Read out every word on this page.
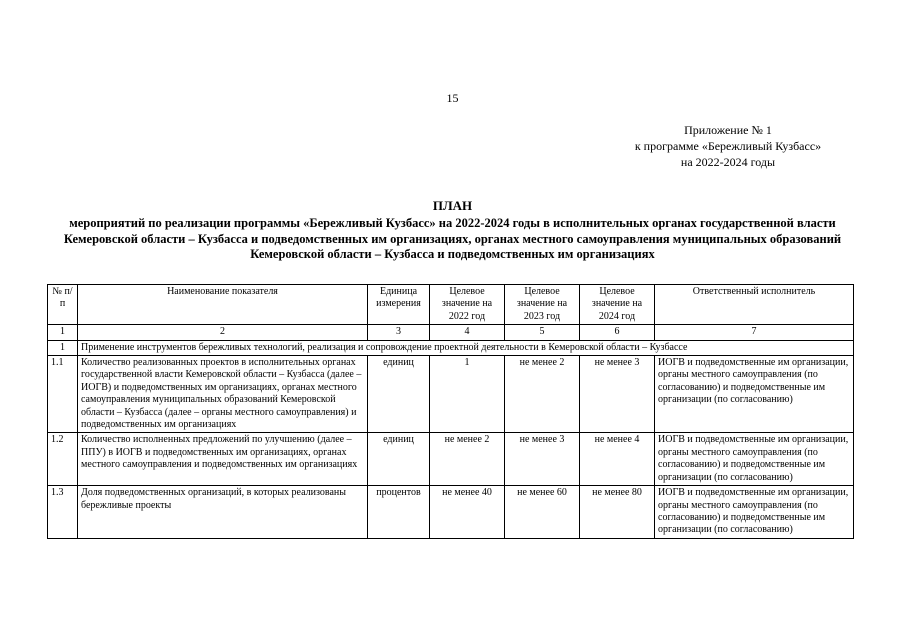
15
Приложение № 1
к программе «Бережливый Кузбасс»
на 2022-2024 годы
ПЛАН
мероприятий по реализации программы «Бережливый Кузбасс» на 2022-2024 годы в исполнительных органах государственной власти Кемеровской области – Кузбасса и подведомственных им организациях, органах местного самоуправления муниципальных образований Кемеровской области – Кузбасса и подведомственных им организациях
№ п/п	Наименование показателя	Единица измерения	Целевое значение на 2022 год	Целевое значение на 2023 год	Целевое значение на 2024 год	Ответственный исполнитель
1	2	3	4	5	6	7
1	Применение инструментов бережливых технологий, реализация и сопровождение проектной деятельности в Кемеровской области – Кузбассе					
1.1	Количество реализованных проектов в исполнительных органах государственной власти Кемеровской области – Кузбасса (далее – ИОГВ) и подведомственных им организациях, органах местного самоуправления муниципальных образований Кемеровской области – Кузбасса (далее – органы местного самоуправления) и подведомственных им организациях	единиц	1	не менее 2	не менее 3	ИОГВ и подведомственные им организации, органы местного самоуправления (по согласованию) и подведомственные им организации (по согласованию)
1.2	Количество исполненных предложений по улучшению (далее – ППУ) в ИОГВ и подведомственных им организациях, органах местного самоуправления и подведомственных им организациях	единиц	не менее 2	не менее 3	не менее 4	ИОГВ и подведомственные им организации, органы местного самоуправления (по согласованию) и подведомственные им организации (по согласованию)
1.3	Доля подведомственных организаций, в которых реализованы бережливые проекты	процентов	не менее 40	не менее 60	не менее 80	ИОГВ и подведомственные им организации, органы местного самоуправления (по согласованию) и подведомственные им организации (по согласованию)
